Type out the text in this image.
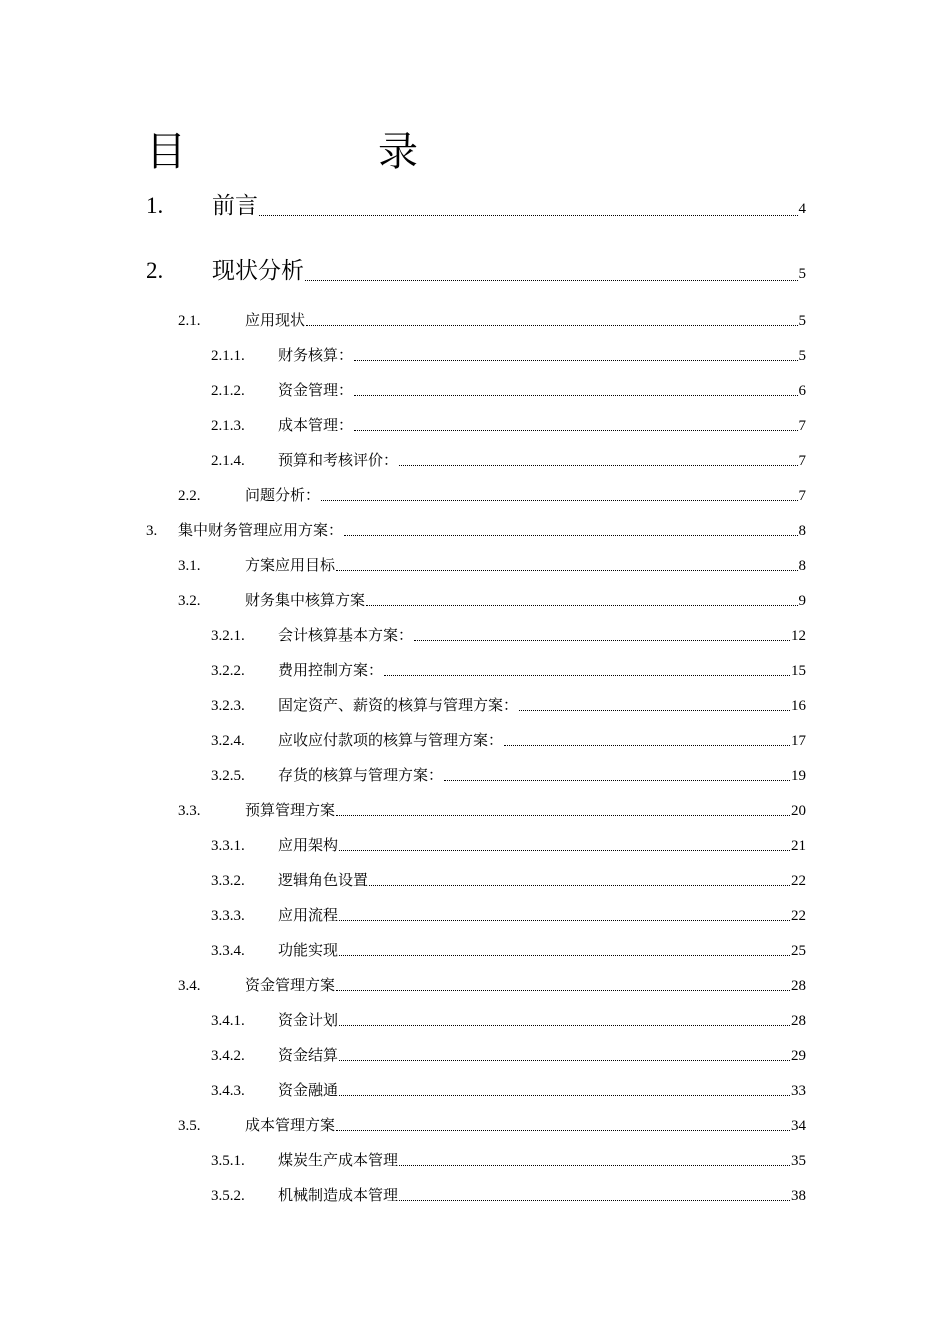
目　录
1.	前言	4
2.	现状分析	5
2.1.	应用现状	5
2.1.1.	财务核算：	5
2.1.2.	资金管理：	6
2.1.3.	成本管理：	7
2.1.4.	预算和考核评价：	7
2.2.	问题分析：	7
3.	集中财务管理应用方案：	8
3.1.	方案应用目标	8
3.2.	财务集中核算方案	9
3.2.1.	会计核算基本方案：	12
3.2.2.	费用控制方案：	15
3.2.3.	固定资产、薪资的核算与管理方案：	16
3.2.4.	应收应付款项的核算与管理方案：	17
3.2.5.	存货的核算与管理方案：	19
3.3.	预算管理方案	20
3.3.1.	应用架构	21
3.3.2.	逻辑角色设置	22
3.3.3.	应用流程	22
3.3.4.	功能实现	25
3.4.	资金管理方案	28
3.4.1.	资金计划	28
3.4.2.	资金结算	29
3.4.3.	资金融通	33
3.5.	成本管理方案	34
3.5.1.	煤炭生产成本管理	35
3.5.2.	机械制造成本管理	38
